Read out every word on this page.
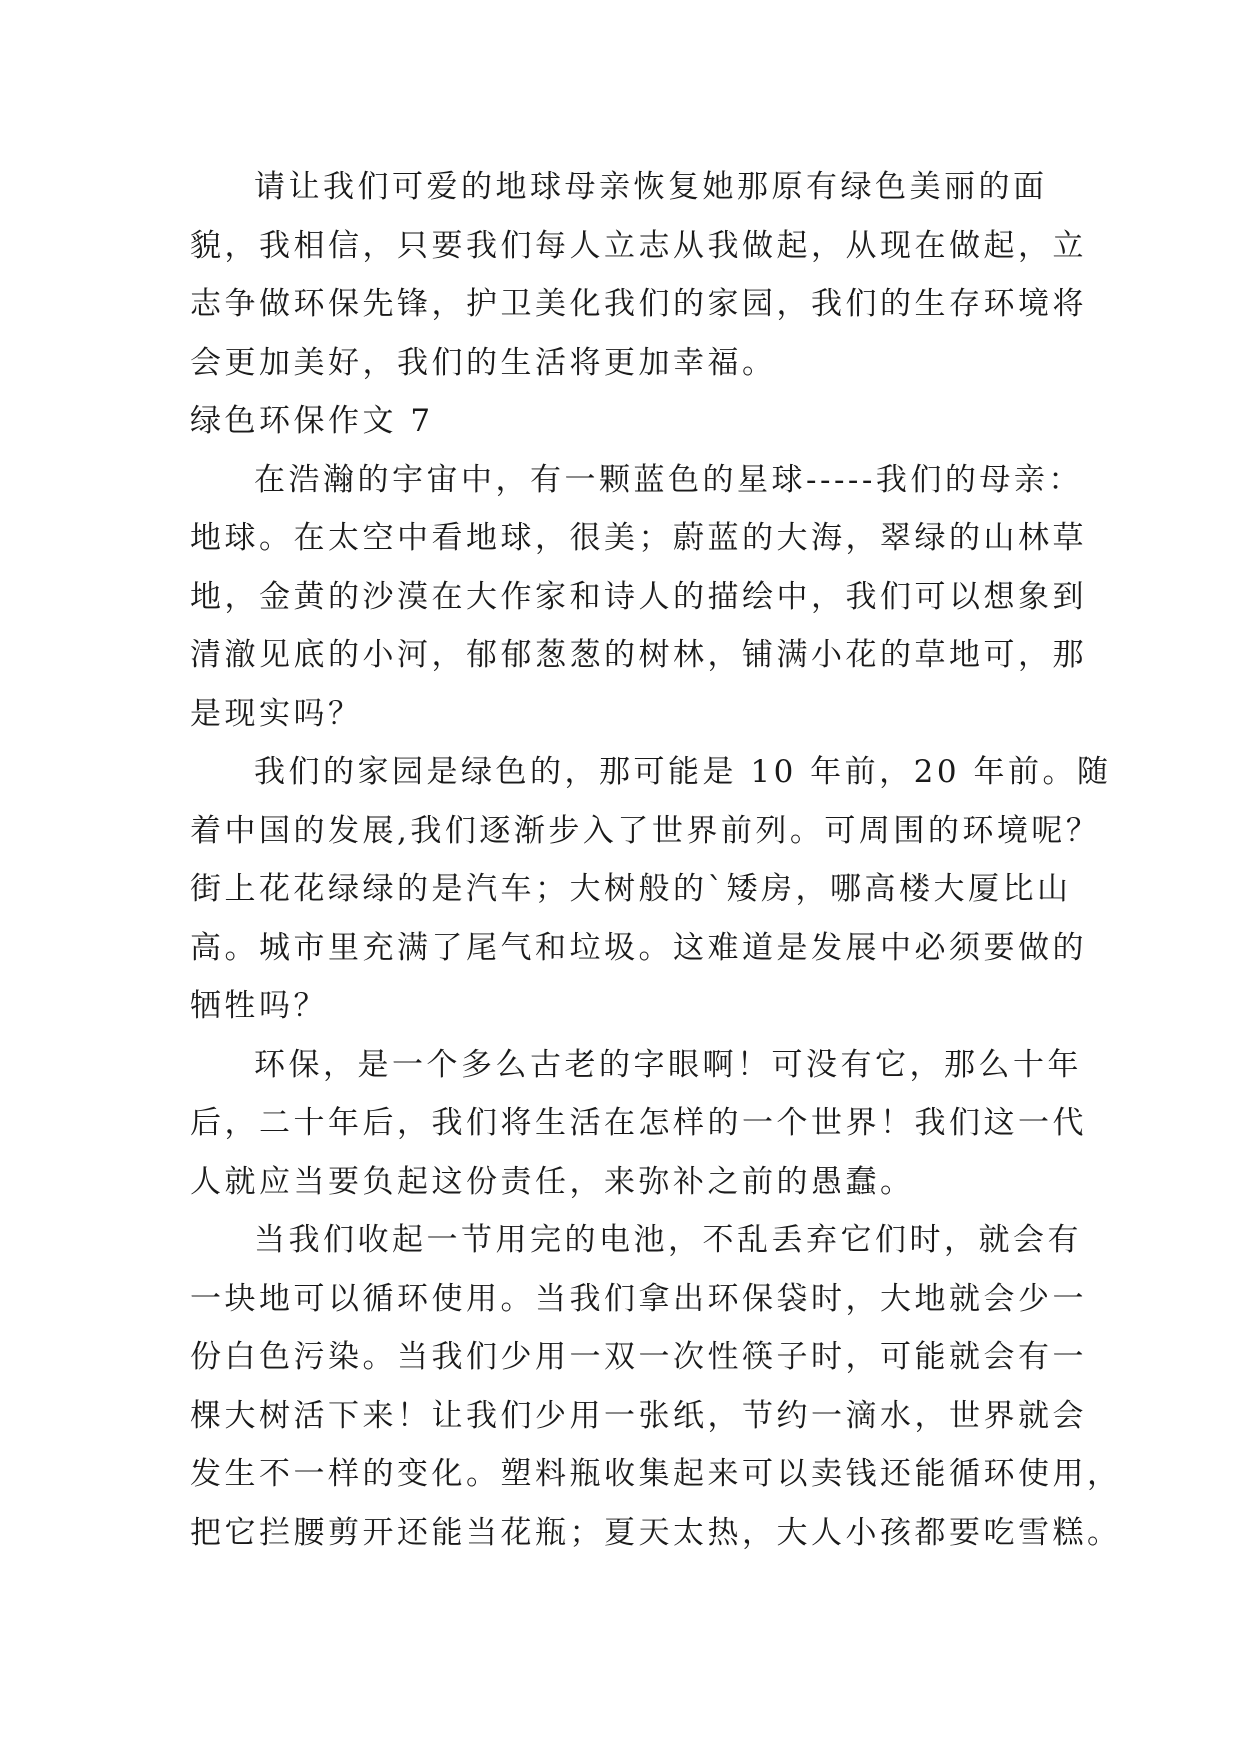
请让我们可爱的地球母亲恢复她那原有绿色美丽的面
貌，我相信，只要我们每人立志从我做起，从现在做起，立
志争做环保先锋，护卫美化我们的家园，我们的生存环境将
会更加美好，我们的生活将更加幸福。
绿色环保作文 7
在浩瀚的宇宙中，有一颗蓝色的星球-----我们的母亲：
地球。在太空中看地球，很美；蔚蓝的大海，翠绿的山林草
地，金黄的沙漠在大作家和诗人的描绘中，我们可以想象到
清澈见底的小河，郁郁葱葱的树林，铺满小花的草地可，那
是现实吗？
我们的家园是绿色的，那可能是 10 年前，20 年前。随
着中国的发展,我们逐渐步入了世界前列。可周围的环境呢？
街上花花绿绿的是汽车；大树般的`矮房，哪高楼大厦比山
高。城市里充满了尾气和垃圾。这难道是发展中必须要做的
牺牲吗？
环保，是一个多么古老的字眼啊！可没有它，那么十年
后，二十年后，我们将生活在怎样的一个世界！我们这一代
人就应当要负起这份责任，来弥补之前的愚蠢。
当我们收起一节用完的电池，不乱丢弃它们时，就会有
一块地可以循环使用。当我们拿出环保袋时，大地就会少一
份白色污染。当我们少用一双一次性筷子时，可能就会有一
棵大树活下来！让我们少用一张纸，节约一滴水，世界就会
发生不一样的变化。塑料瓶收集起来可以卖钱还能循环使用，
把它拦腰剪开还能当花瓶；夏天太热，大人小孩都要吃雪糕。
